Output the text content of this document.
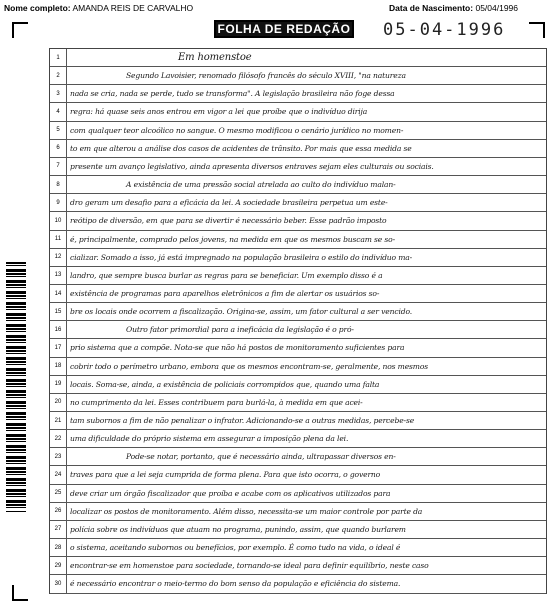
Nome completo: AMANDA REIS DE CARVALHO	Data de Nascimento: 05/04/1996
FOLHA DE REDAÇÃO 05-04-1996
1	Em homenstoe
2	Segundo Lavoisier, renomado filósofo francês do século XVIII, "na natureza
3	nada se cria, nada se perde, tudo se transforma". A legislação brasileira não foge dessa
4	regra: há quase seis anos entrou em vigor a lei que proíbe que o indivíduo dirija
5	com qualquer teor alcoólico no sangue. O mesmo modificou o cenário jurídico no momen-
6	to em que alterou a análise dos casos de acidentes de trânsito. Por mais que essa medida se
7	presente um avanço legislativo, ainda apresenta diversos entraves sejam eles culturais ou sociais.
8	A existência de uma pressão social atrelada ao culto do indivíduo malan-
9	dro geram um desafio para a eficácia da lei. A sociedade brasileira perpetua um este-
10	reótipo de diversão, em que para se divertir é necessário beber. Esse padrão imposto
11	é, principalmente, comprado pelos jovens, na medida em que os mesmos buscam se so-
12	cializar. Somado a isso, já está impregnado na população brasileira o estilo do indivíduo ma-
13	landro, que sempre busca burlar as regras para se beneficiar. Um exemplo disso é a
14	existência de programas para aparelhos eletrônicos a fim de alertar os usuários so-
15	bre os locais onde ocorrem a fiscalização. Origina-se, assim, um fator cultural a ser vencido.
16	Outro fator primordial para a ineficácia da legislação é o pró-
17	prio sistema que a compõe. Nota-se que não há postos de monitoramento suficientes para
18	cobrir todo o perímetro urbano, embora que os mesmos encontram-se, geralmente, nos mesmos
19	locais. Soma-se, ainda, a existência de policiais corrompidos que, quando uma falta
20	no cumprimento da lei. Esses contribuem para burlá-la, à medida em que acei-
21	tam subornos a fim de não penalizar o infrator. Adicionando-se a outras medidas, percebe-se
22	uma dificuldade do próprio sistema em assegurar a imposição plena da lei.
23	Pode-se notar, portanto, que é necessário ainda, ultrapassar diversos en-
24	traves para que a lei seja cumprida de forma plena. Para que isto ocorra, o governo
25	deve criar um órgão fiscalizador que proíba e acabe com os aplicativos utilizados para
26	localizar os postos de monitoramento. Além disso, necessita-se um maior controle por parte da
27	polícia sobre os indivíduos que atuam no programa, punindo, assim, que quando burlarem
28	o sistema, aceitando subornos ou benefícios, por exemplo. É como tudo na vida, o ideal é
29	encontrar-se em homenstoe para sociedade, tornando-se ideal para definir equilíbrio, neste caso
30	é necessário encontrar o meio-termo do bom senso da população e eficiência do sistema.
